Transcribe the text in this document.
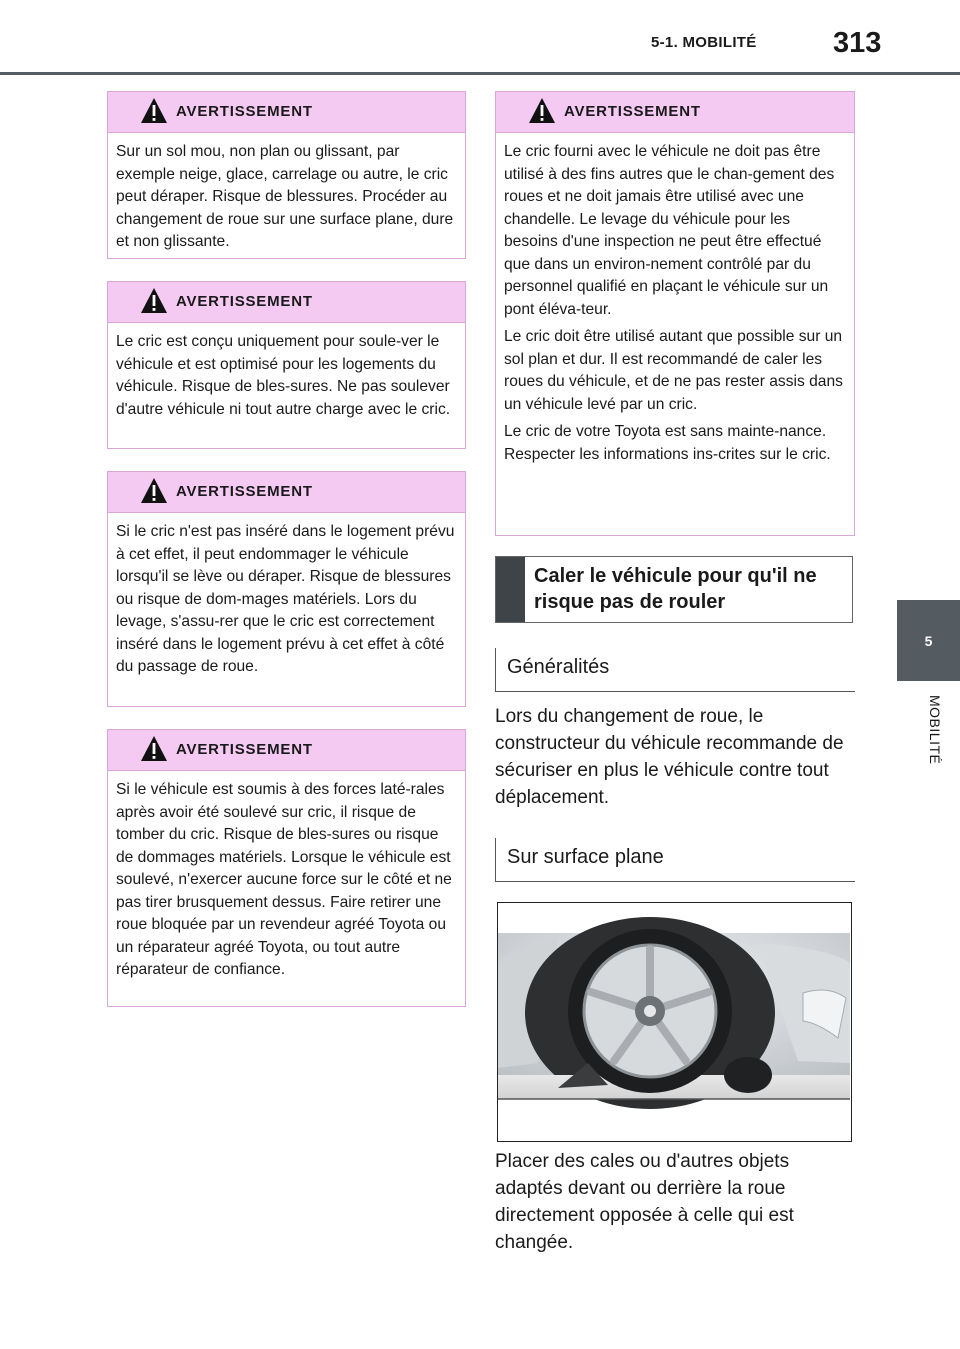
5-1. MOBILITÉ	313
5
MOBILITÉ
AVERTISSEMENT

Sur un sol mou, non plan ou glissant, par exemple neige, glace, carrelage ou autre, le cric peut déraper. Risque de blessures. Procéder au changement de roue sur une surface plane, dure et non glissante.

AVERTISSEMENT

Le cric est conçu uniquement pour soule-ver le véhicule et est optimisé pour les logements du véhicule. Risque de bles-sures. Ne pas soulever d'autre véhicule ni tout autre charge avec le cric.

AVERTISSEMENT

Si le cric n'est pas inséré dans le logement prévu à cet effet, il peut endommager le véhicule lorsqu'il se lève ou déraper. Risque de blessures ou risque de dom-mages matériels. Lors du levage, s'assu-rer que le cric est correctement inséré dans le logement prévu à cet effet à côté du passage de roue.

AVERTISSEMENT

Si le véhicule est soumis à des forces laté-rales après avoir été soulevé sur cric, il risque de tomber du cric. Risque de bles-sures ou risque de dommages matériels. Lorsque le véhicule est soulevé, n'exercer aucune force sur le côté et ne pas tirer brusquement dessus. Faire retirer une roue bloquée par un revendeur agréé Toyota ou un réparateur agréé Toyota, ou tout autre réparateur de confiance.

AVERTISSEMENT

Le cric fourni avec le véhicule ne doit pas être utilisé à des fins autres que le chan-gement des roues et ne doit jamais être utilisé avec une chandelle. Le levage du véhicule pour les besoins d'une inspection ne peut être effectué que dans un environ-nement contrôlé par du personnel qualifié en plaçant le véhicule sur un pont éléva-teur.

Le cric doit être utilisé autant que possible sur un sol plan et dur. Il est recommandé de caler les roues du véhicule, et de ne pas rester assis dans un véhicule levé par un cric.

Le cric de votre Toyota est sans mainte-nance. Respecter les informations ins-crites sur le cric.

Caler le véhicule pour qu'il ne risque pas de rouler
Généralités
Lors du changement de roue, le constructeur du véhicule recommande de sécuriser en plus le véhicule contre tout déplacement.
Sur surface plane
Placer des cales ou d'autres objets adaptés devant ou derrière la roue directement opposée à celle qui est changée.
